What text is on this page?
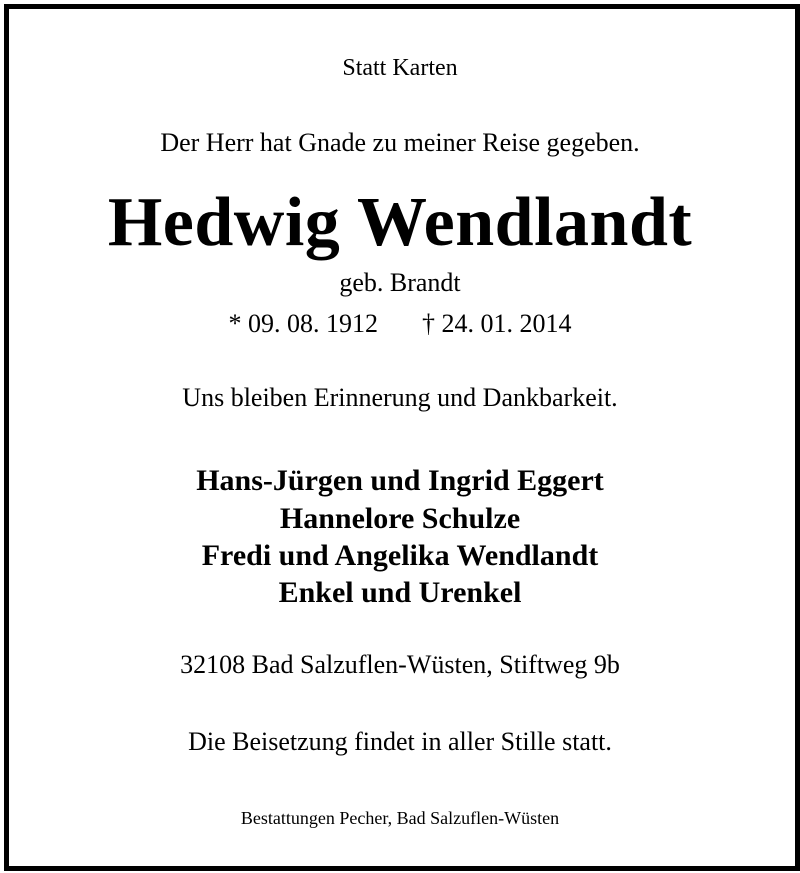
Statt Karten
Der Herr hat Gnade zu meiner Reise gegeben.
Hedwig Wendlandt
geb. Brandt
* 09. 08. 1912 † 24. 01. 2014
Uns bleiben Erinnerung und Dankbarkeit.
Hans-Jürgen und Ingrid Eggert
Hannelore Schulze
Fredi und Angelika Wendlandt
Enkel und Urenkel
32108 Bad Salzuflen-Wüsten, Stiftweg 9b
Die Beisetzung findet in aller Stille statt.
Bestattungen Pecher, Bad Salzuflen-Wüsten
